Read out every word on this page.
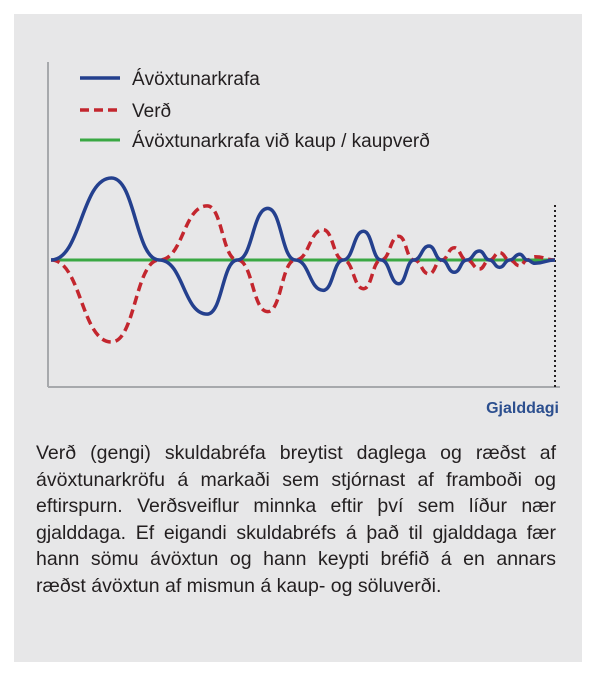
Ávöxtunarkrafa
Verð
Ávöxtunarkrafa við kaup / kaupverð
Gjalddagi

Verð (gengi) skuldabréfa breytist daglega og ræðst af ávöxtunarkröfu á markaði sem stjórnast af framboði og eftirspurn. Verðsveiflur minnka eftir því sem líður nær gjalddaga. Ef eigandi skuldabréfs á það til gjalddaga fær hann sömu ávöxtun og hann keypti bréfið á en annars ræðst ávöxtun af mismun á kaup- og söluverði.
